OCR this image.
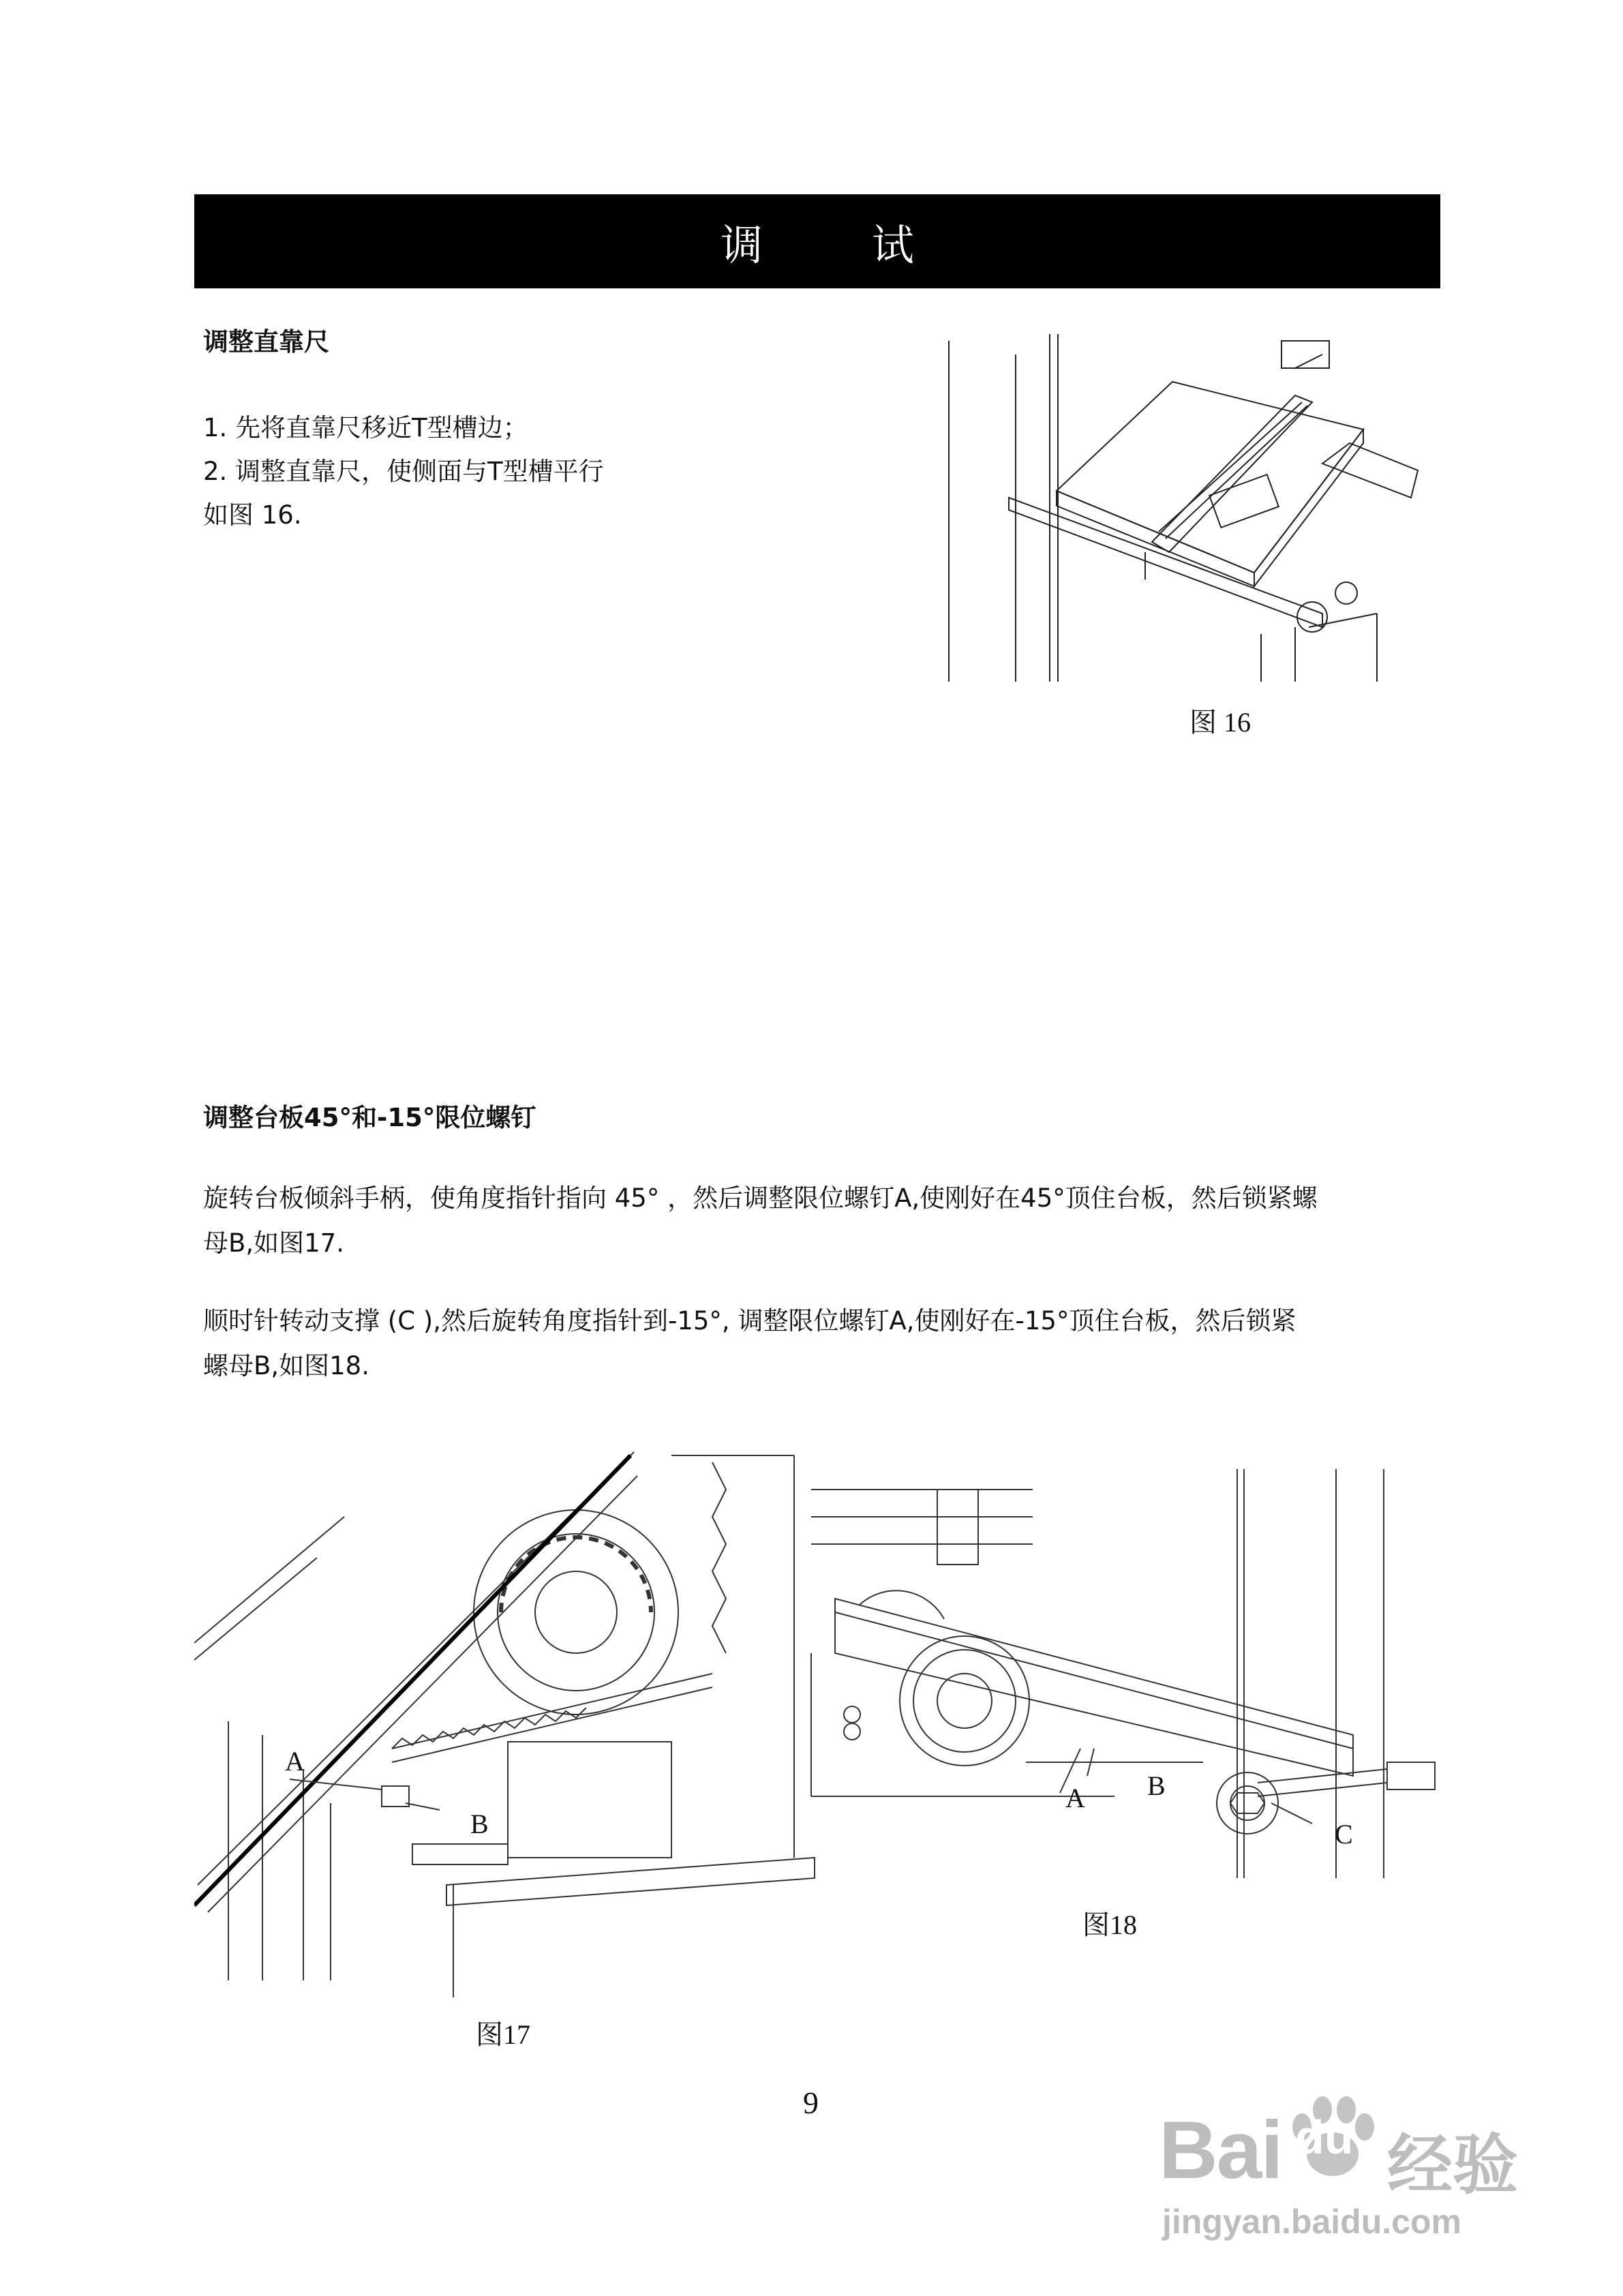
调 试
调整直靠尺
1. 先将直靠尺移近T型槽边；
2. 调整直靠尺，使侧面与T型槽平行
如图 16.
图 16
调整台板45°和-15°限位螺钉
旋转台板倾斜手柄，使角度指针指向 45° ，然后调整限位螺钉A,使刚好在45°顶住台板，然后锁紧螺
母B,如图17.
顺时针转动支撑 (C ),然后旋转角度指针到-15°, 调整限位螺钉A,使刚好在-15°顶住台板，然后锁紧
螺母B,如图18.
A
B
图17
A B
C
图18
9
Bai du 经验
jingyan.baidu.com
